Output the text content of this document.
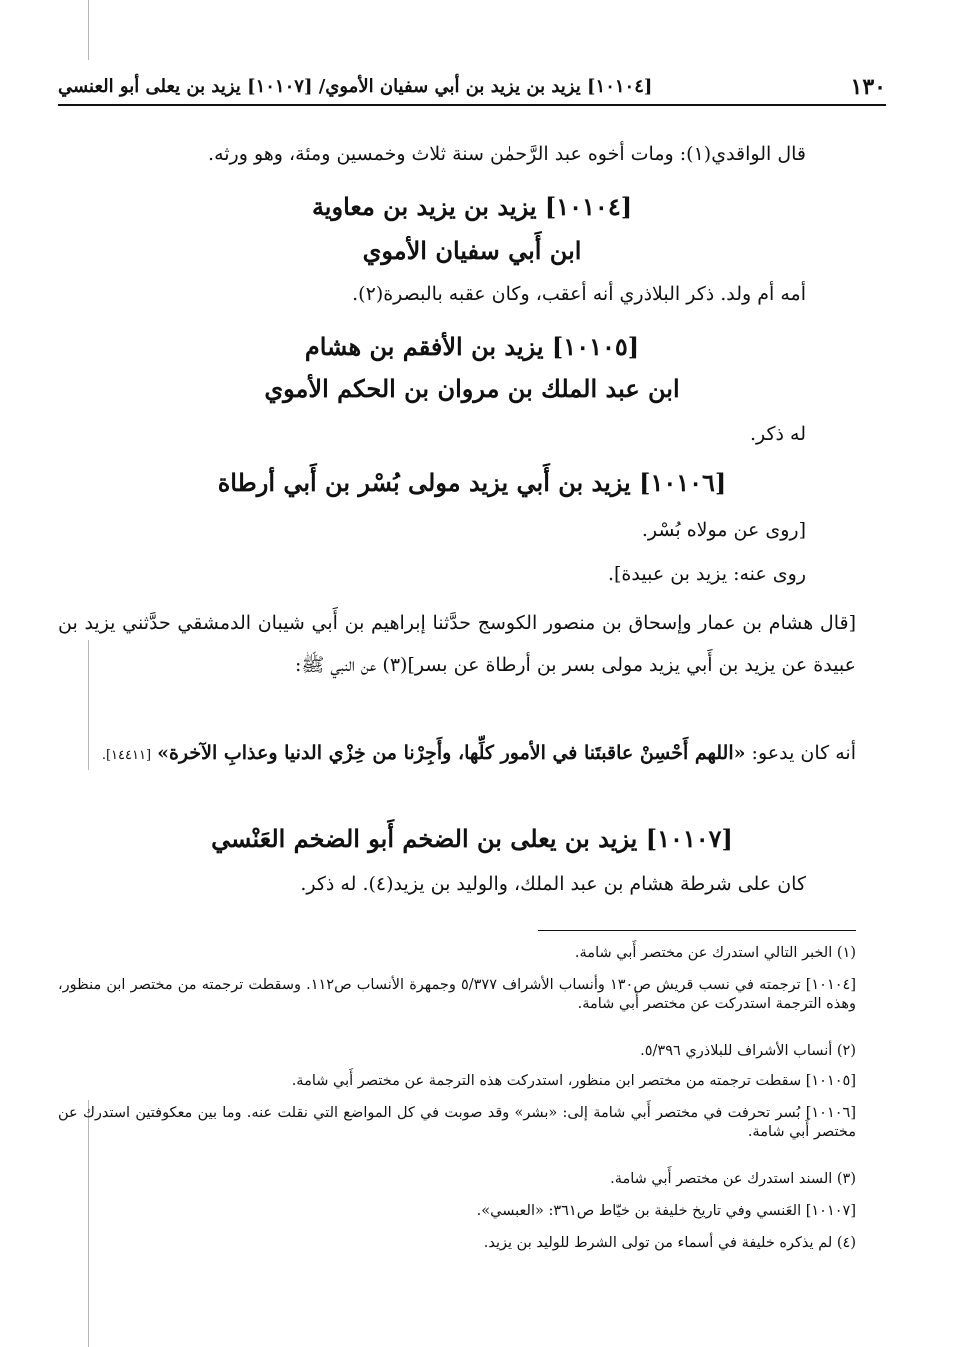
١٣٠
[١٠١٠٤] يزيد بن يزيد بن أبي سفيان الأموي/ [١٠١٠٧] يزيد بن يعلى أبو العنسي
قال الواقدي(١): ومات أخوه عبد الرَّحمٰن سنة ثلاث وخمسين ومئة، وهو ورثه.
[١٠١٠٤] يزيد بن يزيد بن معاوية
ابن أَبي سفيان الأموي
أمه أم ولد. ذكر البلاذري أنه أعقب، وكان عقبه بالبصرة(٢).
[١٠١٠٥] يزيد بن الأفقم بن هشام
ابن عبد الملك بن مروان بن الحكم الأموي
له ذكر.
[١٠١٠٦] يزيد بن أَبي يزيد مولى بُسْر بن أَبي أرطاة
[روى عن مولاه بُسْر.
روى عنه: يزيد بن عبيدة].
[قال هشام بن عمار وإسحاق بن منصور الكوسج حدَّثنا إبراهيم بن أَبي شيبان الدمشقي حدَّثني يزيد بن عبيدة عن يزيد بن أَبي يزيد مولى بسر بن أرطاة عن بسر](٣) عن النبي ﷺ:
أنه كان يدعو: «اللهم أَحْسِنْ عاقبتَنا في الأمور كلِّها، وأَجِرْنا من خِزْي الدنيا وعذابِ الآخرة» [١٤٤١١].
[١٠١٠٧] يزيد بن يعلى بن الضخم أَبو الضخم العَنْسي
كان على شرطة هشام بن عبد الملك، والوليد بن يزيد(٤). له ذكر.
(١) الخبر التالي استدرك عن مختصر أَبي شامة.
[١٠١٠٤] ترجمته في نسب قريش ص١٣٠ وأنساب الأشراف ٥/٣٧٧ وجمهرة الأنساب ص١١٢. وسقطت ترجمته من مختصر ابن منظور، وهذه الترجمة استدركت عن مختصر أَبي شامة.
(٢) أنساب الأشراف للبلاذري ٥/٣٩٦.
[١٠١٠٥] سقطت ترجمته من مختصر ابن منظور، استدركت هذه الترجمة عن مختصر أَبي شامة.
[١٠١٠٦] بُسر تحرفت في مختصر أَبي شامة إلى: «بشر» وقد صوبت في كل المواضع التي نقلت عنه. وما بين معكوفتين استدرك عن مختصر أَبي شامة.
(٣) السند استدرك عن مختصر أَبي شامة.
[١٠١٠٧] العَنسي وفي تاريخ خليفة بن خيّاط ص٣٦١: «العبسي».
(٤) لم يذكره خليفة في أسماء من تولى الشرط للوليد بن يزيد.
